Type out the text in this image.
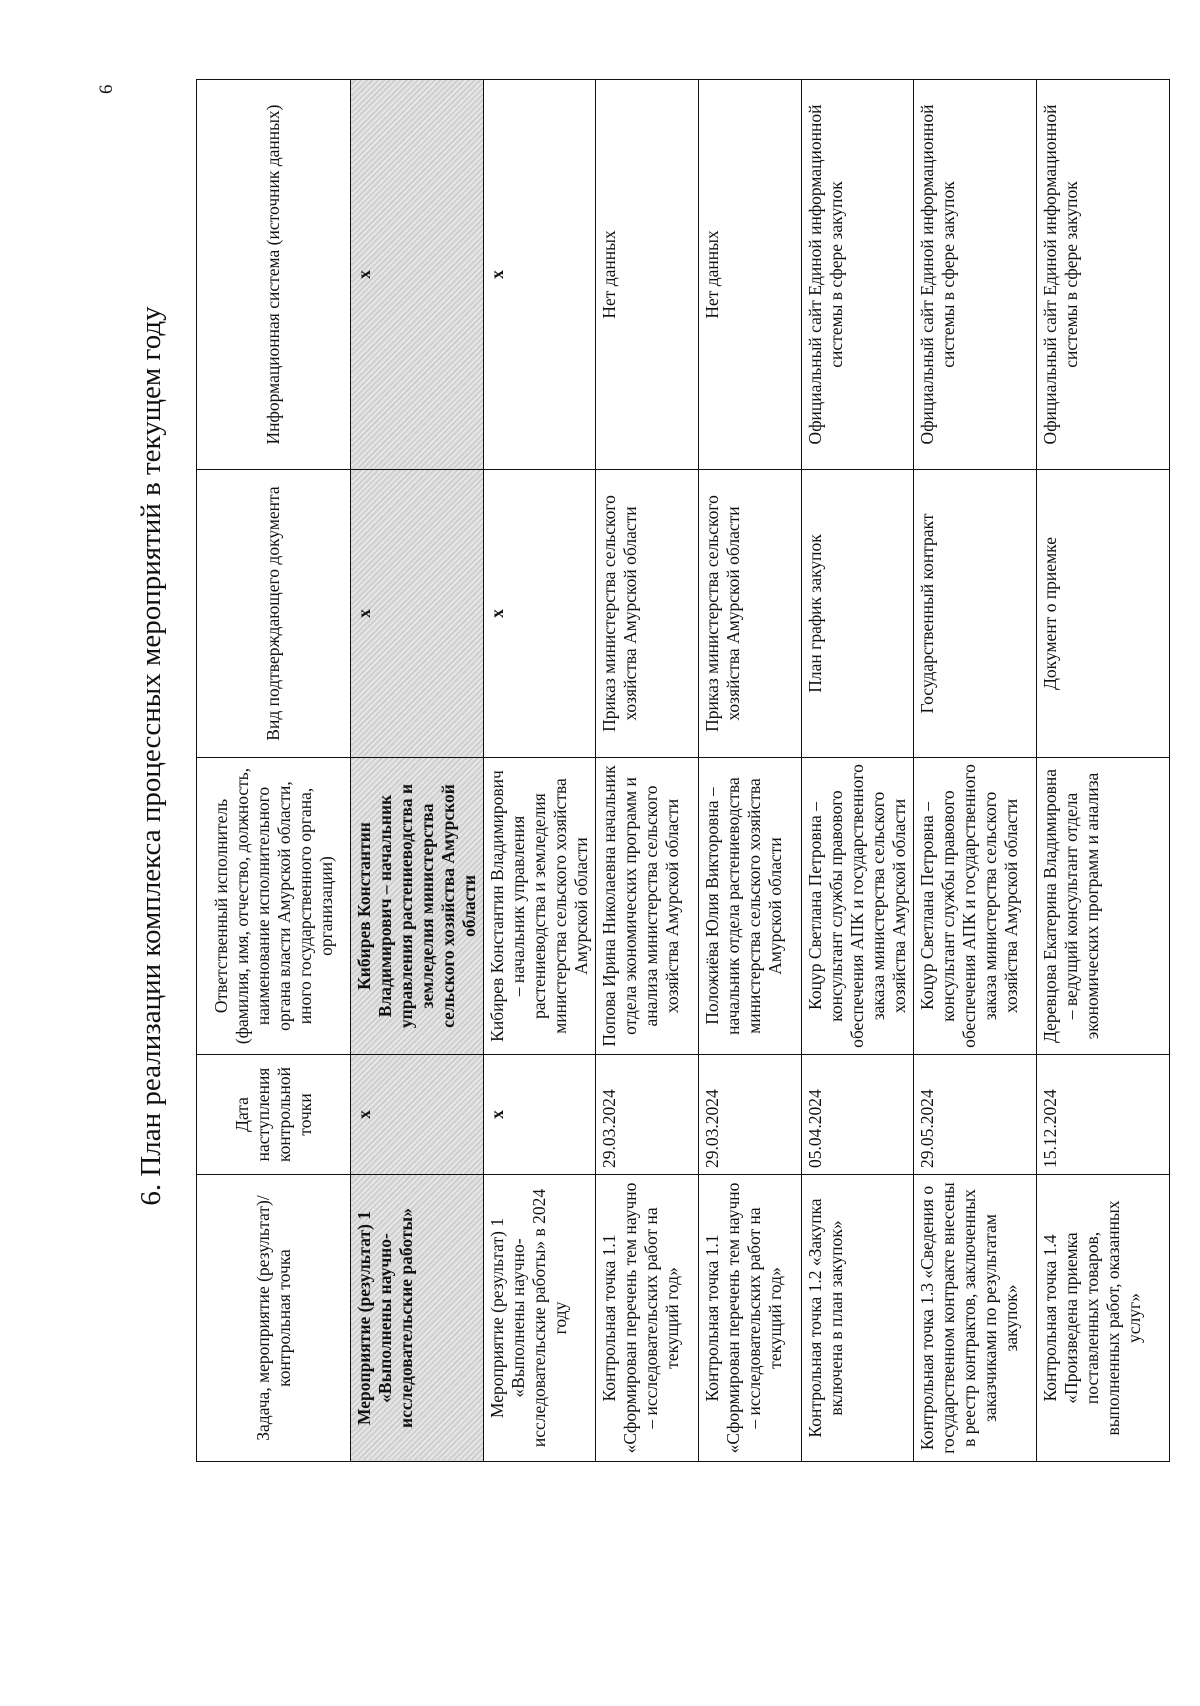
6
6. План реализации комплекса процессных мероприятий в текущем году
Задача, мероприятие (результат)/контрольная точка	Дата наступления контрольной точки	Ответственный исполнитель (фамилия, имя, отчество, должность, наименование исполнительного органа власти Амурской области, иного государственного органа, организации)	Вид подтверждающего документа	Информационная система (источник данных)
Мероприятие (результат) 1 «Выполнены научно-исследовательские работы»	x	Кибирев Константин Владимирович – начальник управления растениеводства и земледелия министерства сельского хозяйства Амурской области	x	x
Мероприятие (результат) 1 «Выполнены научно-исследовательские работы» в 2024 году	x	Кибирев Константин Владимирович – начальник управления растениеводства и земледелия министерства сельского хозяйства Амурской области	x	x
Контрольная точка 1.1 «Сформирован перечень тем научно – исследовательских работ на текущий год»	29.03.2024	Попова Ирина Николаевна начальник отдела экономических программ и анализа министерства сельского хозяйства Амурской области	Приказ министерства сельского хозяйства Амурской области	Нет данных
Контрольная точка 1.1 «Сформирован перечень тем научно – исследовательских работ на текущий год»	29.03.2024	Положиёва Юлия Викторовна – начальник отдела растениеводства министерства сельского хозяйства Амурской области	Приказ министерства сельского хозяйства Амурской области	Нет данных
Контрольная точка 1.2 «Закупка включена в план закупок»	05.04.2024	Коцур Светлана Петровна – консультант службы правового обеспечения АПК и государственного заказа министерства сельского хозяйства Амурской области	План график закупок	Официальный сайт Единой информационной системы в сфере закупок
Контрольная точка 1.3 «Сведения о государственном контракте внесены в реестр контрактов, заключенных заказчиками по результатам закупок»	29.05.2024	Коцур Светлана Петровна – консультант службы правового обеспечения АПК и государственного заказа министерства сельского хозяйства Амурской области	Государственный контракт	Официальный сайт Единой информационной системы в сфере закупок
Контрольная точка 1.4 «Произведена приемка поставленных товаров, выполненных работ, оказанных услуг»	15.12.2024	Деревцова Екатерина Владимировна – ведущий консультант отдела экономических программ и анализа	Документ о приемке	Официальный сайт Единой информационной системы в сфере закупок
